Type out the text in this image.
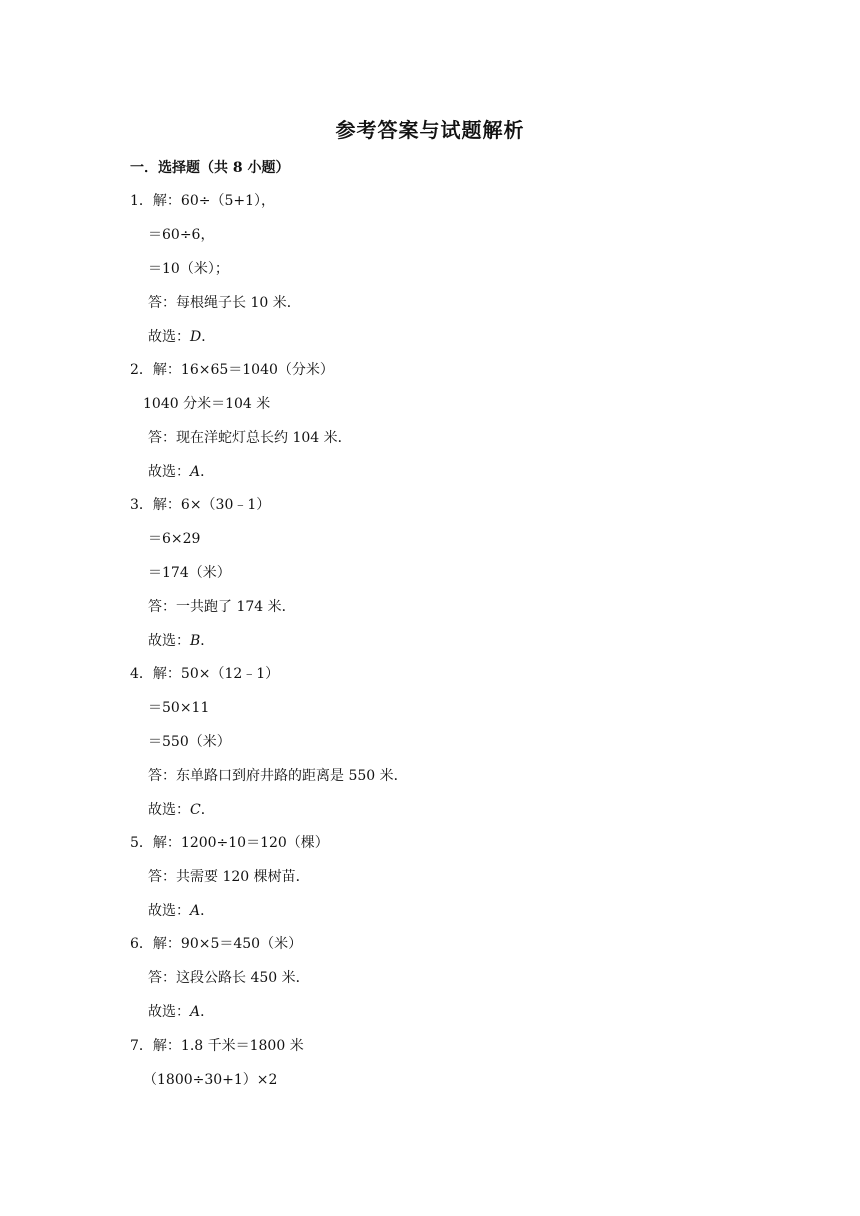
参考答案与试题解析
一．选择题（共 8 小题）
1．解：60÷（5+1），
＝60÷6，
＝10（米）；
答：每根绳子长 10 米．
故选：D．
2．解：16×65＝1040（分米）
1040 分米＝104 米
答：现在洋蛇灯总长约 104 米．
故选：A．
3．解：6×（30﹣1）
＝6×29
＝174（米）
答：一共跑了 174 米．
故选：B．
4．解：50×（12﹣1）
＝50×11
＝550（米）
答：东单路口到府井路的距离是 550 米．
故选：C．
5．解：1200÷10＝120（棵）
答：共需要 120 棵树苗．
故选：A．
6．解：90×5＝450（米）
答：这段公路长 450 米．
故选：A．
7．解：1.8 千米＝1800 米
（1800÷30+1）×2
